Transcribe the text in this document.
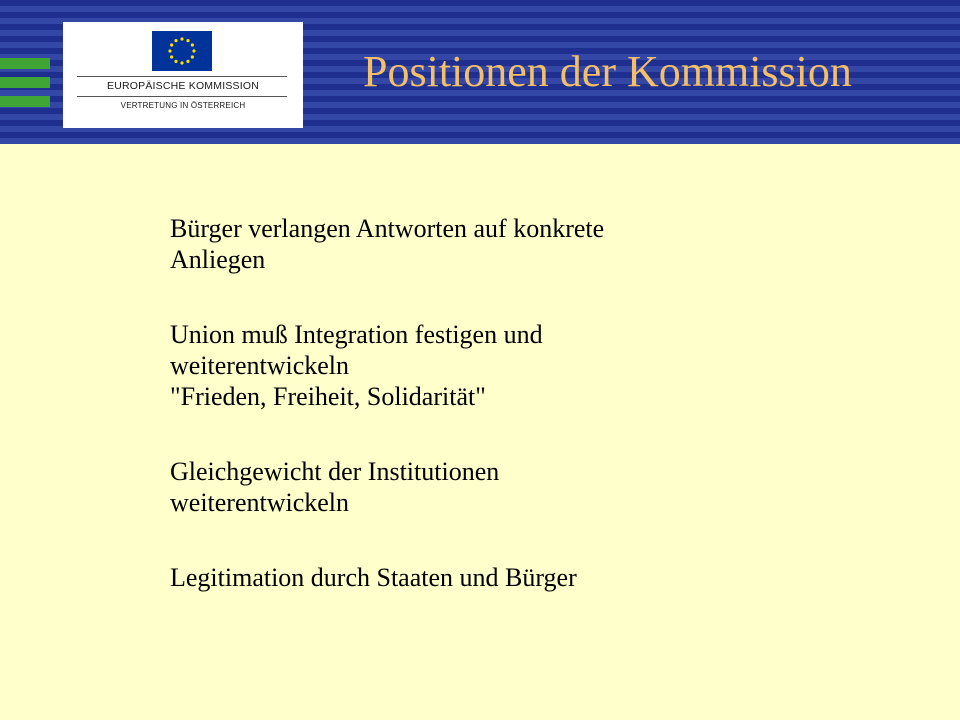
EUROPÄISCHE KOMMISSION
VERTRETUNG IN ÖSTERREICH
Positionen der Kommission
Bürger verlangen Antworten auf konkrete
Anliegen
Union muß Integration festigen und
weiterentwickeln
"Frieden, Freiheit, Solidarität"
Gleichgewicht der Institutionen
weiterentwickeln
Legitimation durch Staaten und Bürger
